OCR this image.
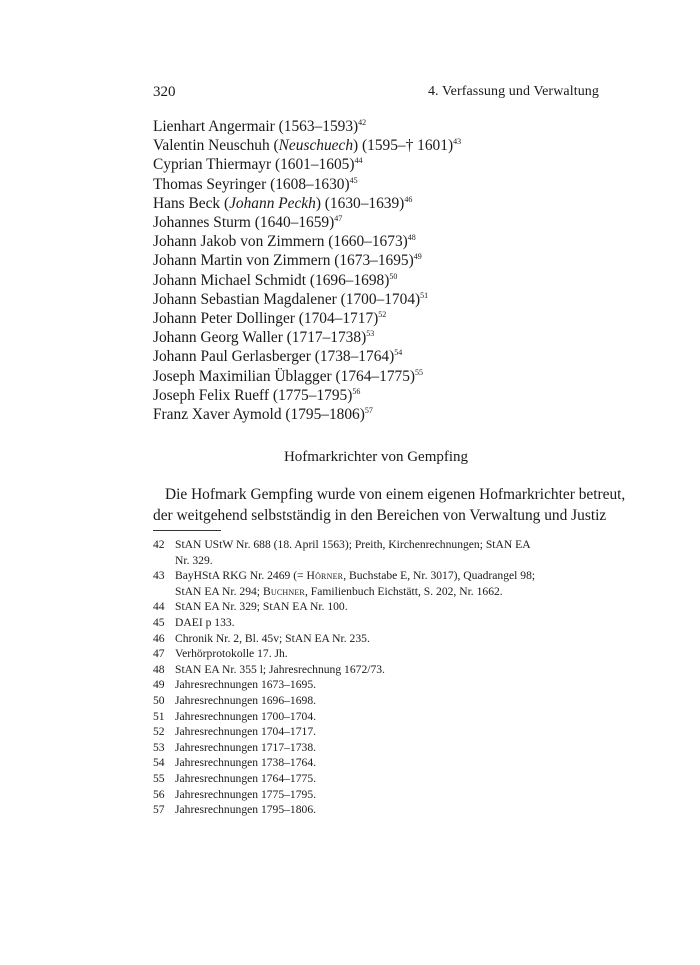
320	4. Verfassung und Verwaltung
Lienhart Angermair (1563–1593)$^{42}$
Valentin Neuschuh (Neuschuech) (1595–† 1601)$^{43}$
Cyprian Thiermayr (1601–1605)$^{44}$
Thomas Seyringer (1608–1630)$^{45}$
Hans Beck (Johann Peckh) (1630–1639)$^{46}$
Johannes Sturm (1640–1659)$^{47}$
Johann Jakob von Zimmern (1660–1673)$^{48}$
Johann Martin von Zimmern (1673–1695)$^{49}$
Johann Michael Schmidt (1696–1698)$^{50}$
Johann Sebastian Magdalener (1700–1704)$^{51}$
Johann Peter Dollinger (1704–1717)$^{52}$
Johann Georg Waller (1717–1738)$^{53}$
Johann Paul Gerlasberger (1738–1764)$^{54}$
Joseph Maximilian Üblagger (1764–1775)$^{55}$
Joseph Felix Rueff (1775–1795)$^{56}$
Franz Xaver Aymold (1795–1806)$^{57}$
Hofmarkrichter von Gempfing

Die Hofmark Gempfing wurde von einem eigenen Hofmarkrichter betreut,
der weitgehend selbstständig in den Bereichen von Verwaltung und Justiz

42 StAN UStW Nr. 688 (18. April 1563); Preith, Kirchenrechnungen; StAN EA
Nr. 329.
43 BayHStA RKG Nr. 2469 (= Hörner, Buchstabe E, Nr. 3017), Quadrangel 98;
StAN EA Nr. 294; Buchner, Familienbuch Eichstätt, S. 202, Nr. 1662.
44 StAN EA Nr. 329; StAN EA Nr. 100.
45 DAEI p 133.
46 Chronik Nr. 2, Bl. 45v; StAN EA Nr. 235.
47 Verhörprotokolle 17. Jh.
48 StAN EA Nr. 355 l; Jahresrechnung 1672/73.
49 Jahresrechnungen 1673–1695.
50 Jahresrechnungen 1696–1698.
51 Jahresrechnungen 1700–1704.
52 Jahresrechnungen 1704–1717.
53 Jahresrechnungen 1717–1738.
54 Jahresrechnungen 1738–1764.
55 Jahresrechnungen 1764–1775.
56 Jahresrechnungen 1775–1795.
57 Jahresrechnungen 1795–1806.
